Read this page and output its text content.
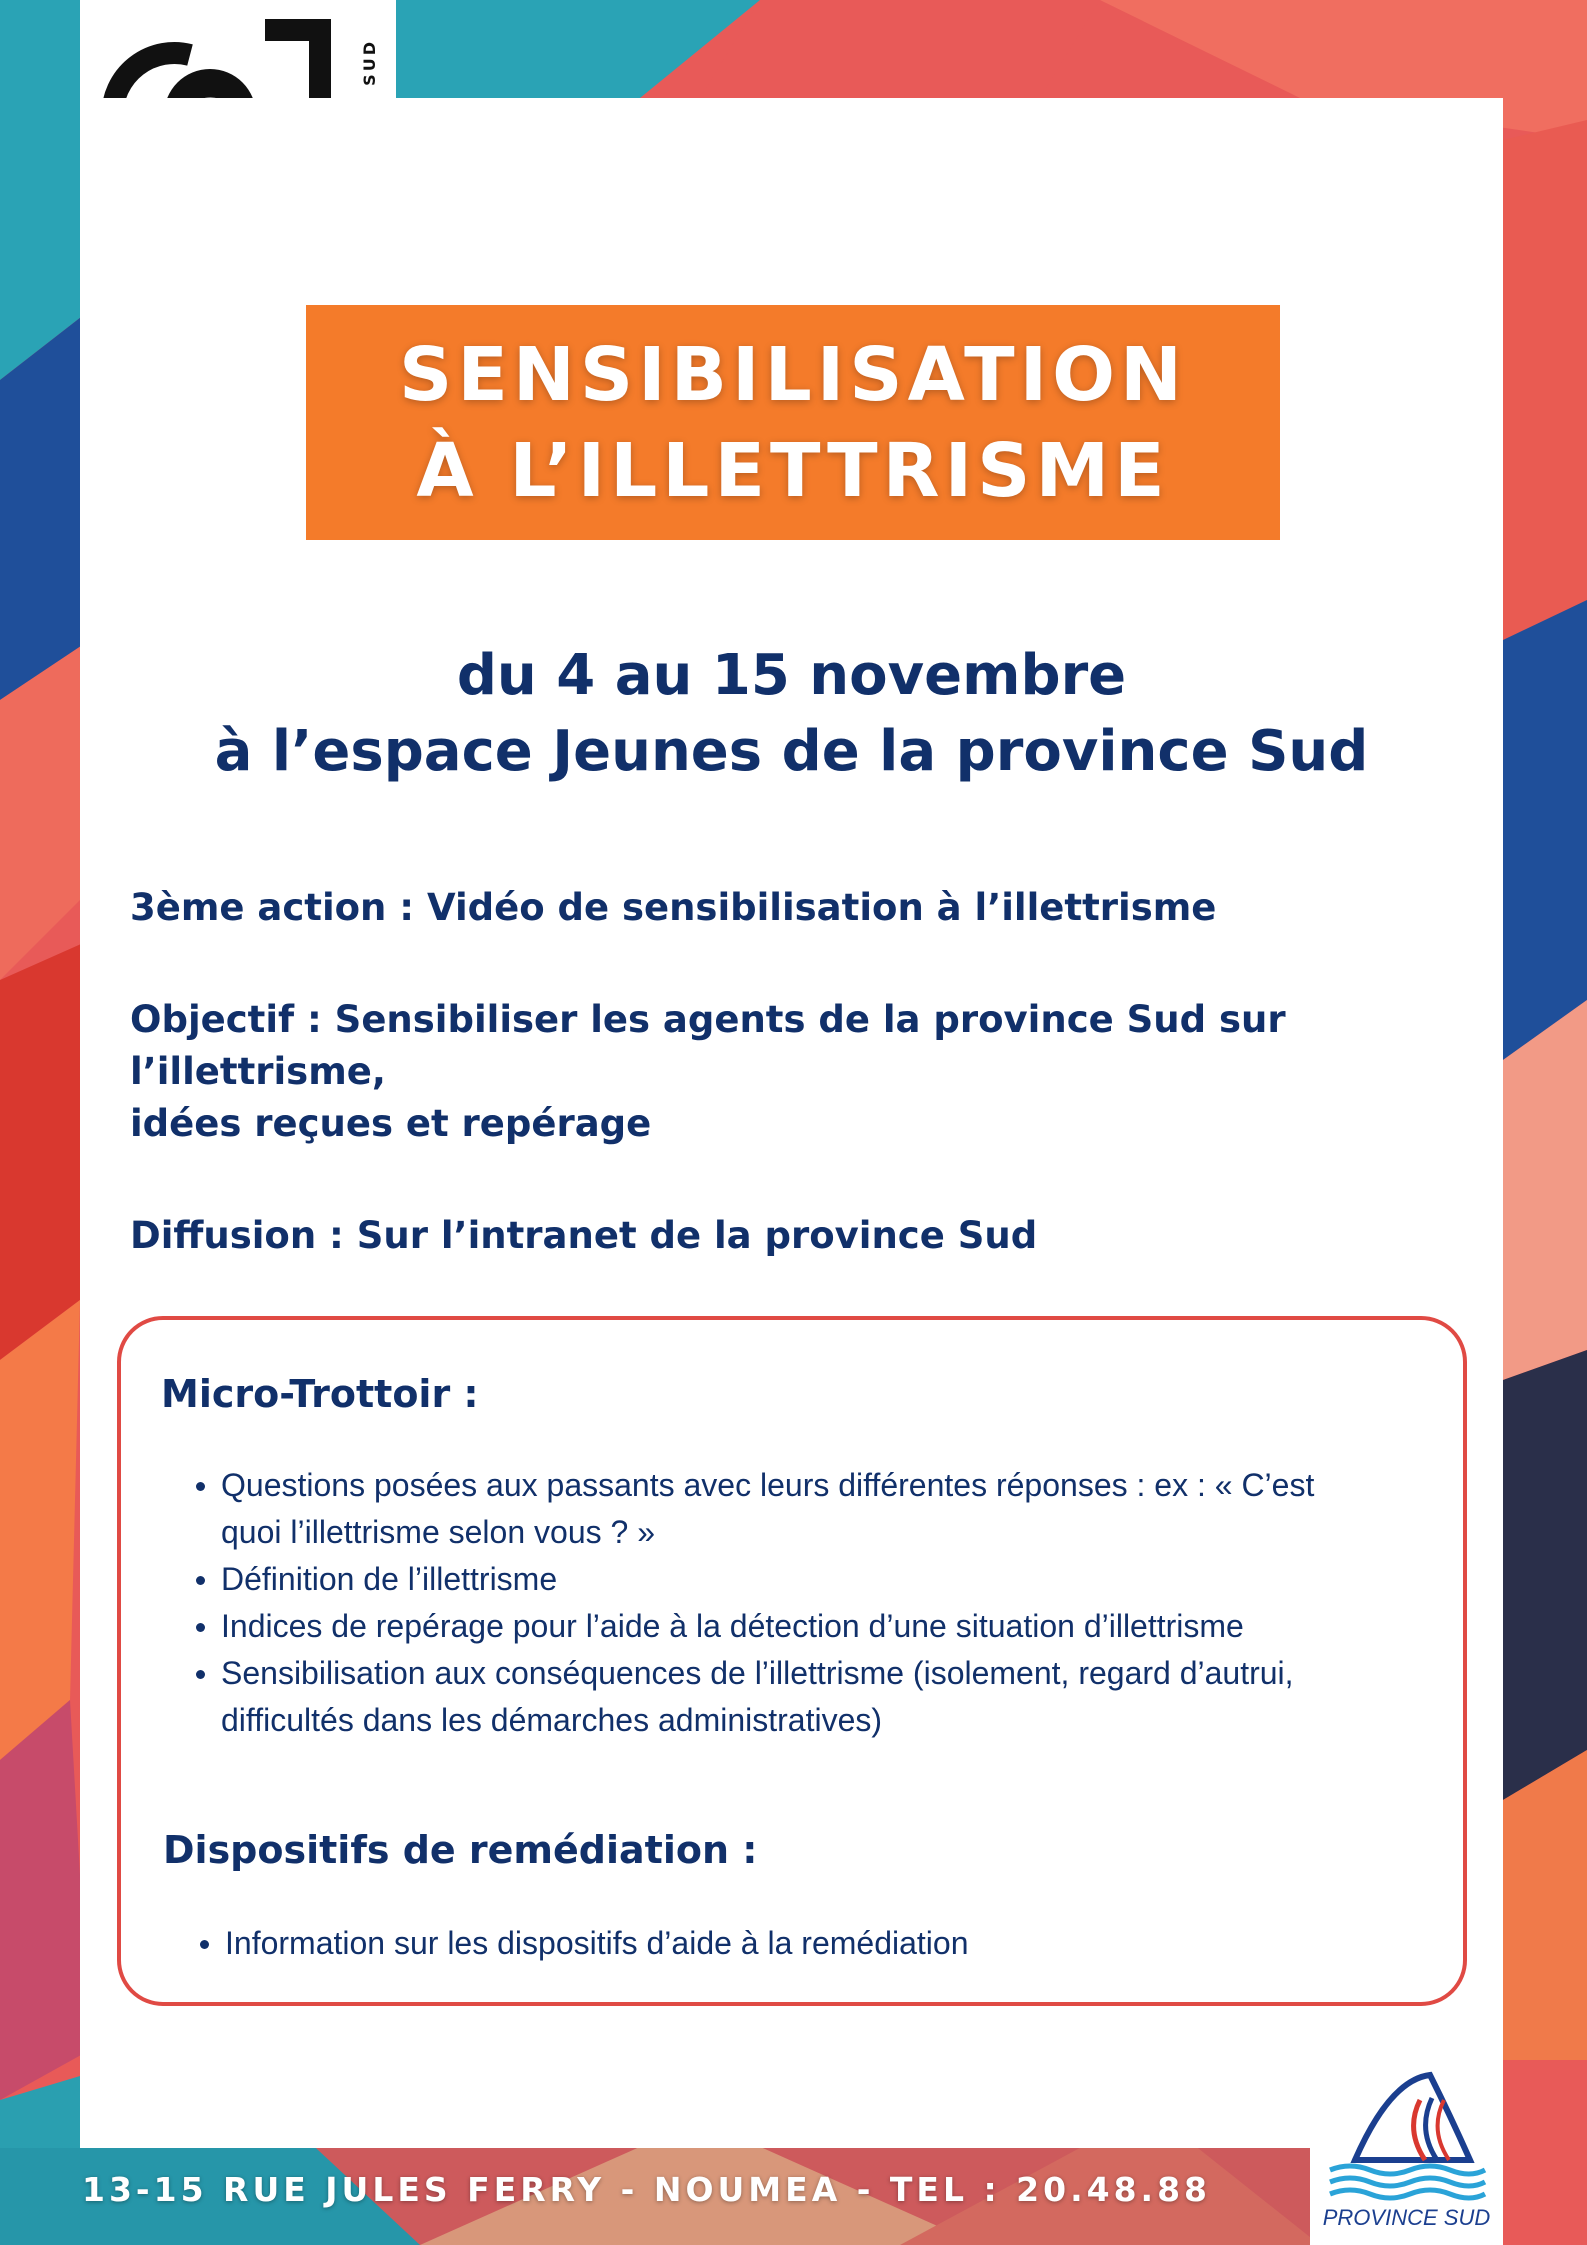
SENSIBILISATION
À L’ILLETTRISME
du 4 au 15 novembre
à l’espace Jeunes de la province Sud

3ème action : Vidéo de sensibilisation à l’illettrisme

Objectif : Sensibiliser les agents de la province Sud sur l’illettrisme,
idées reçues et repérage

Diffusion : Sur l’intranet de la province Sud

Micro-Trottoir :
Questions posées aux passants avec leurs différentes réponses : ex : « C’est
quoi l’illettrisme selon vous ? »
Définition de l’illettrisme
Indices de repérage pour l’aide à la détection d’une situation d’illettrisme
Sensibilisation aux conséquences de l’illettrisme (isolement, regard d’autrui,
difficultés dans les démarches administratives)
Dispositifs de remédiation :
Information sur les dispositifs d’aide à la remédiation
13-15 RUE JULES FERRY - NOUMEA - TEL : 20.48.88
PROVINCE SUD
